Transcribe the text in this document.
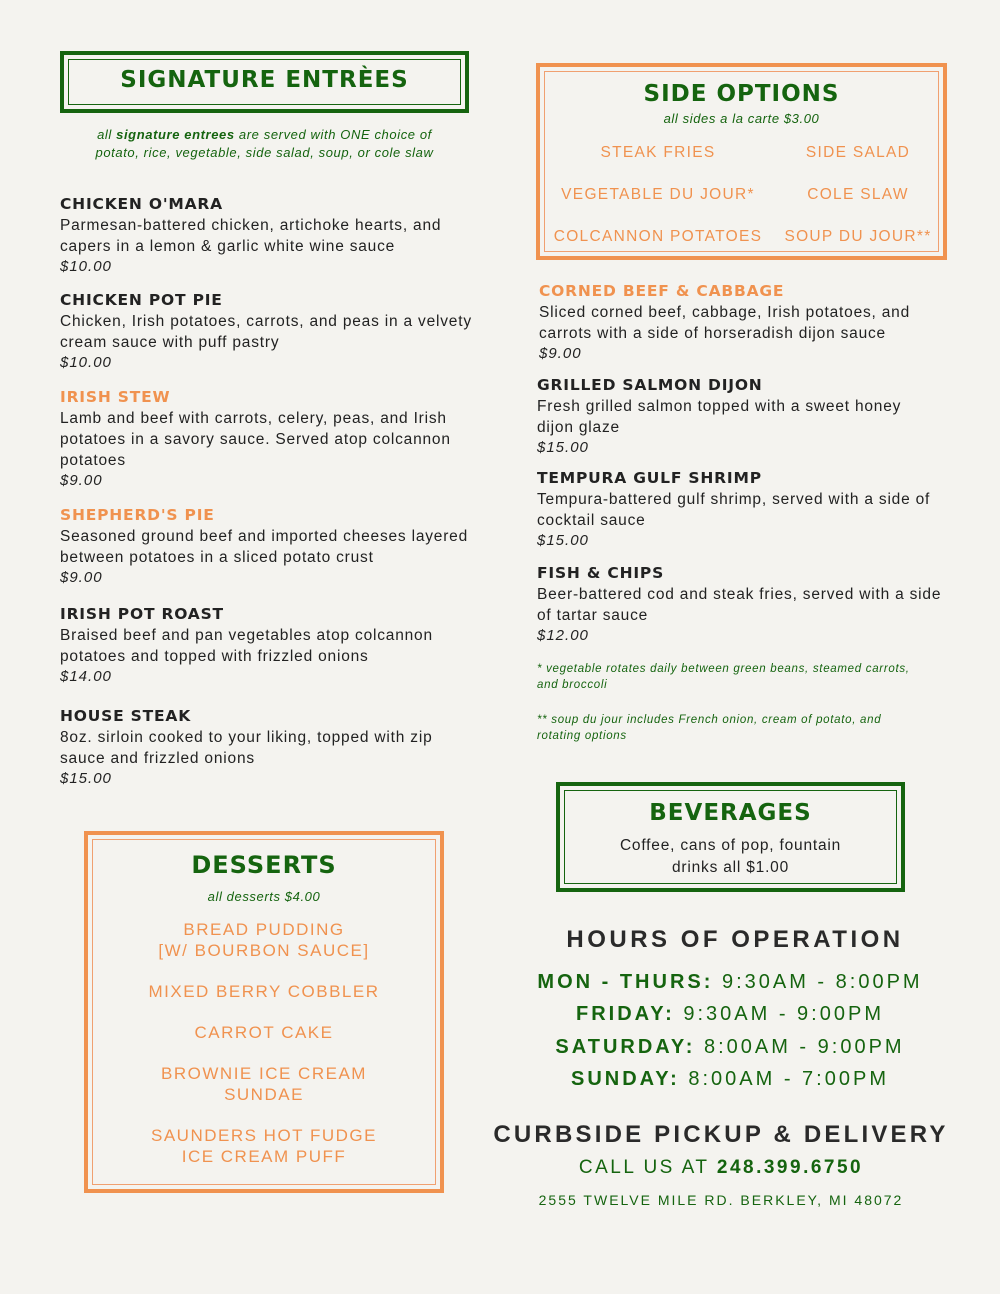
SIGNATURE ENTRÈES
all signature entrees are served with ONE choice of
potato, rice, vegetable, side salad, soup, or cole slaw
CHICKEN O'MARA
Parmesan-battered chicken, artichoke hearts, and capers in a lemon & garlic white wine sauce
$10.00
CHICKEN POT PIE
Chicken, Irish potatoes, carrots, and peas in a velvety cream sauce with puff pastry
$10.00
IRISH STEW
Lamb and beef with carrots, celery, peas, and Irish potatoes in a savory sauce. Served atop colcannon potatoes
$9.00
SHEPHERD'S PIE
Seasoned ground beef and imported cheeses layered between potatoes in a sliced potato crust
$9.00
IRISH POT ROAST
Braised beef and pan vegetables atop colcannon potatoes and topped with frizzled onions
$14.00
HOUSE STEAK
8oz. sirloin cooked to your liking, topped with zip sauce and frizzled onions
$15.00
SIDE OPTIONS
all sides a la carte $3.00
STEAK FRIES
VEGETABLE DU JOUR*
COLCANNON POTATOES
SIDE SALAD
COLE SLAW
SOUP DU JOUR**
CORNED BEEF & CABBAGE
Sliced corned beef, cabbage, Irish potatoes, and carrots with a side of horseradish dijon sauce
$9.00
GRILLED SALMON DIJON
Fresh grilled salmon topped with a sweet honey dijon glaze
$15.00
TEMPURA GULF SHRIMP
Tempura-battered gulf shrimp, served with a side of cocktail sauce
$15.00
FISH & CHIPS
Beer-battered cod and steak fries, served with a side of tartar sauce
$12.00
* vegetable rotates daily between green beans, steamed carrots, and broccoli
** soup du jour includes French onion, cream of potato, and rotating options
DESSERTS
all desserts $4.00
BREAD PUDDING
[W/ BOURBON SAUCE]
MIXED BERRY COBBLER
CARROT CAKE
BROWNIE ICE CREAM
SUNDAE
SAUNDERS HOT FUDGE
ICE CREAM PUFF
BEVERAGES
Coffee, cans of pop, fountain
drinks all $1.00
HOURS OF OPERATION
MON - THURS: 9:30AM - 8:00PM
FRIDAY: 9:30AM - 9:00PM
SATURDAY: 8:00AM - 9:00PM
SUNDAY: 8:00AM - 7:00PM
CURBSIDE PICKUP & DELIVERY
CALL US AT 248.399.6750
2555 TWELVE MILE RD. BERKLEY, MI 48072
